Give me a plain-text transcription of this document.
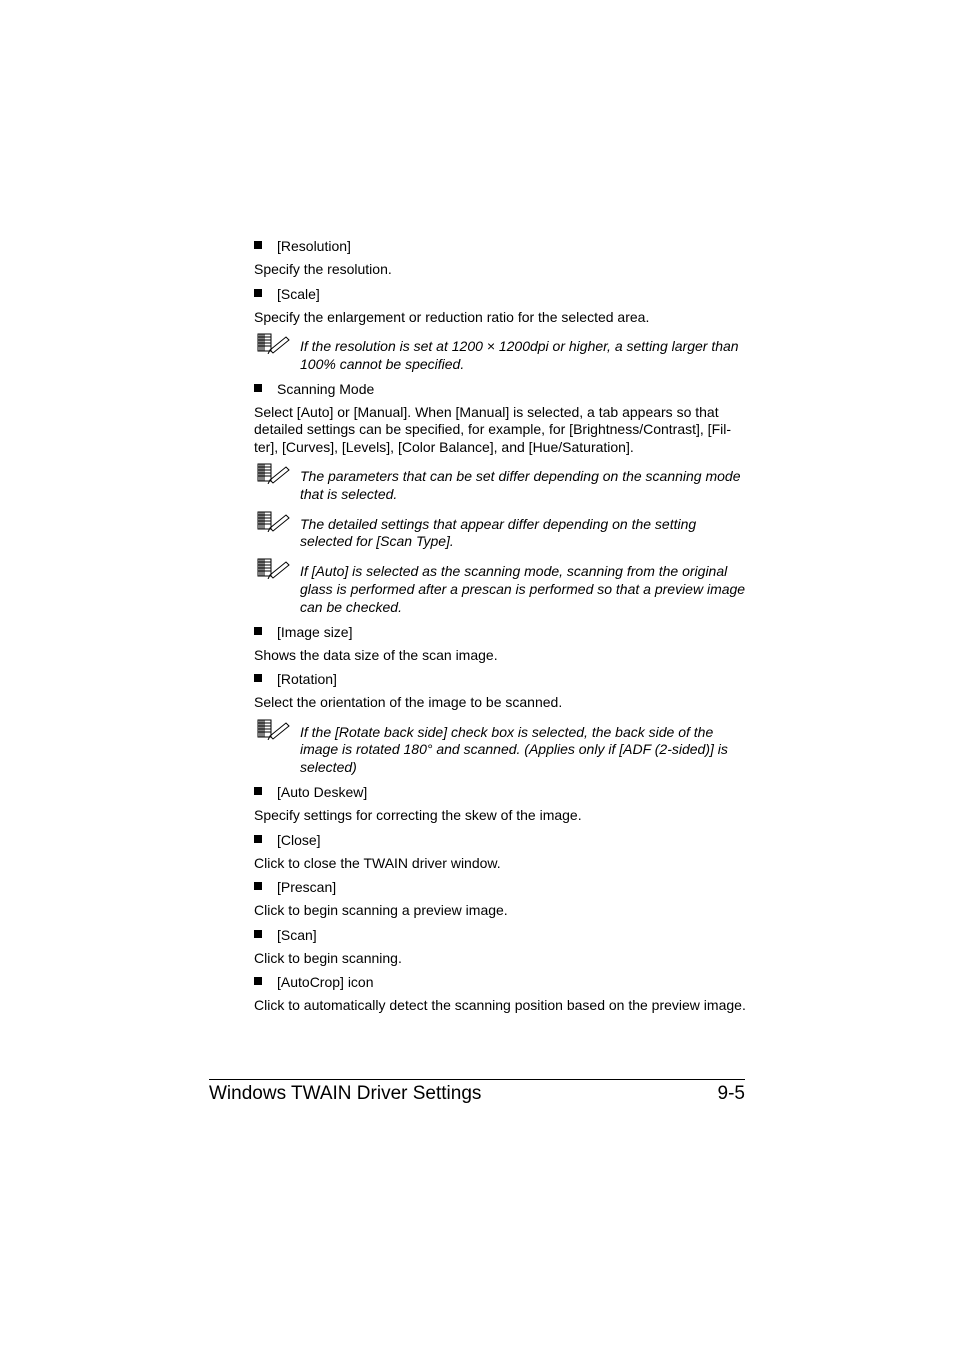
[Resolution]
Specify the resolution.
[Scale]
Specify the enlargement or reduction ratio for the selected area.
If the resolution is set at 1200 × 1200dpi or higher, a setting larger than 100% cannot be specified.
Scanning Mode
Select [Auto] or [Manual]. When [Manual] is selected, a tab appears so that detailed settings can be specified, for example, for [Brightness/Contrast], [Fil-ter], [Curves], [Levels], [Color Balance], and [Hue/Saturation].
The parameters that can be set differ depending on the scanning mode that is selected.
The detailed settings that appear differ depending on the setting selected for [Scan Type].
If [Auto] is selected as the scanning mode, scanning from the original glass is performed after a prescan is performed so that a preview image can be checked.
[Image size]
Shows the data size of the scan image.
[Rotation]
Select the orientation of the image to be scanned.
If the [Rotate back side] check box is selected, the back side of the image is rotated 180° and scanned. (Applies only if [ADF (2-sided)] is selected)
[Auto Deskew]
Specify settings for correcting the skew of the image.
[Close]
Click to close the TWAIN driver window.
[Prescan]
Click to begin scanning a preview image.
[Scan]
Click to begin scanning.
[AutoCrop] icon
Click to automatically detect the scanning position based on the preview image.
Windows TWAIN Driver Settings	9-5
